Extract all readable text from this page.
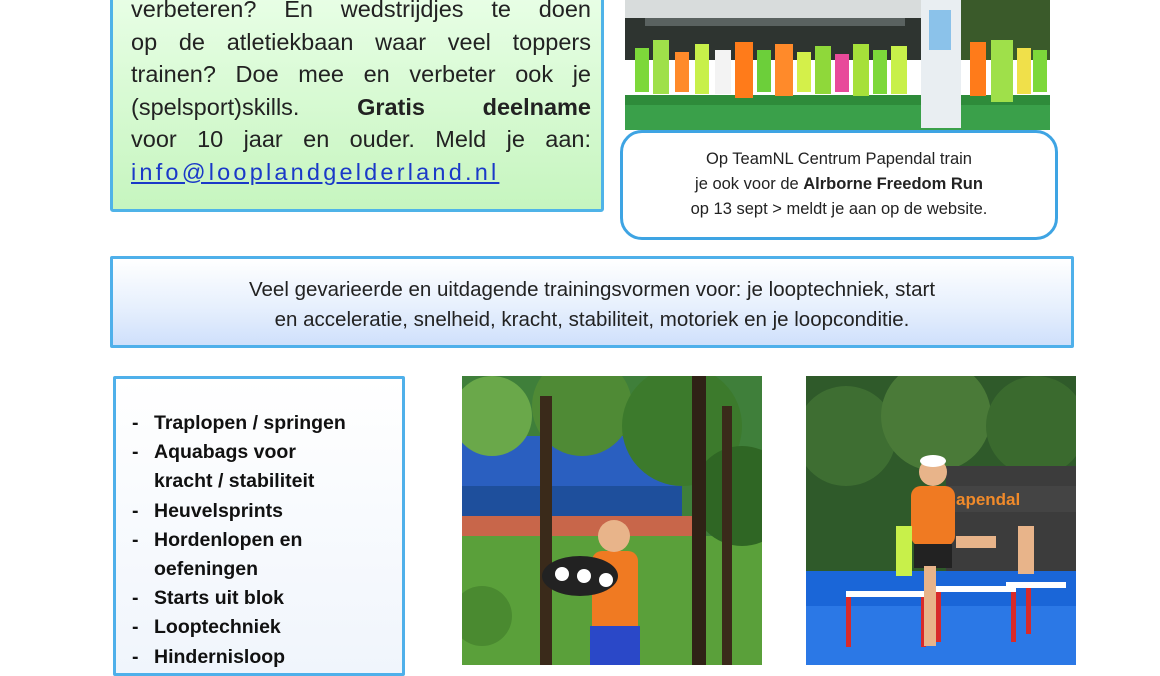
verbeteren? En wedstrijdjes te doen
op de atletiekbaan waar veel toppers
trainen? Doe mee en verbeter ook je
(spelsport)skills. Gratis deelname
voor 10 jaar en ouder. Meld je aan:
info@looplandgelderland.nl	Op TeamNL Centrum Papendal train
je ook voor de Alrborne Freedom Run
op 13 sept > meldt je aan op de website.
Veel gevarieerde en uitdagende trainingsvormen voor: je looptechniek, start
en acceleratie, snelheid, kracht, stabiliteit, motoriek en je loopconditie.
- Traplopen / springen
- Aquabags voor
kracht / stabiliteit
- Heuvelsprints
- Hordenlopen en
oefeningen
- Starts uit blok
- Looptechniek
- Hindernisloop
apendal
